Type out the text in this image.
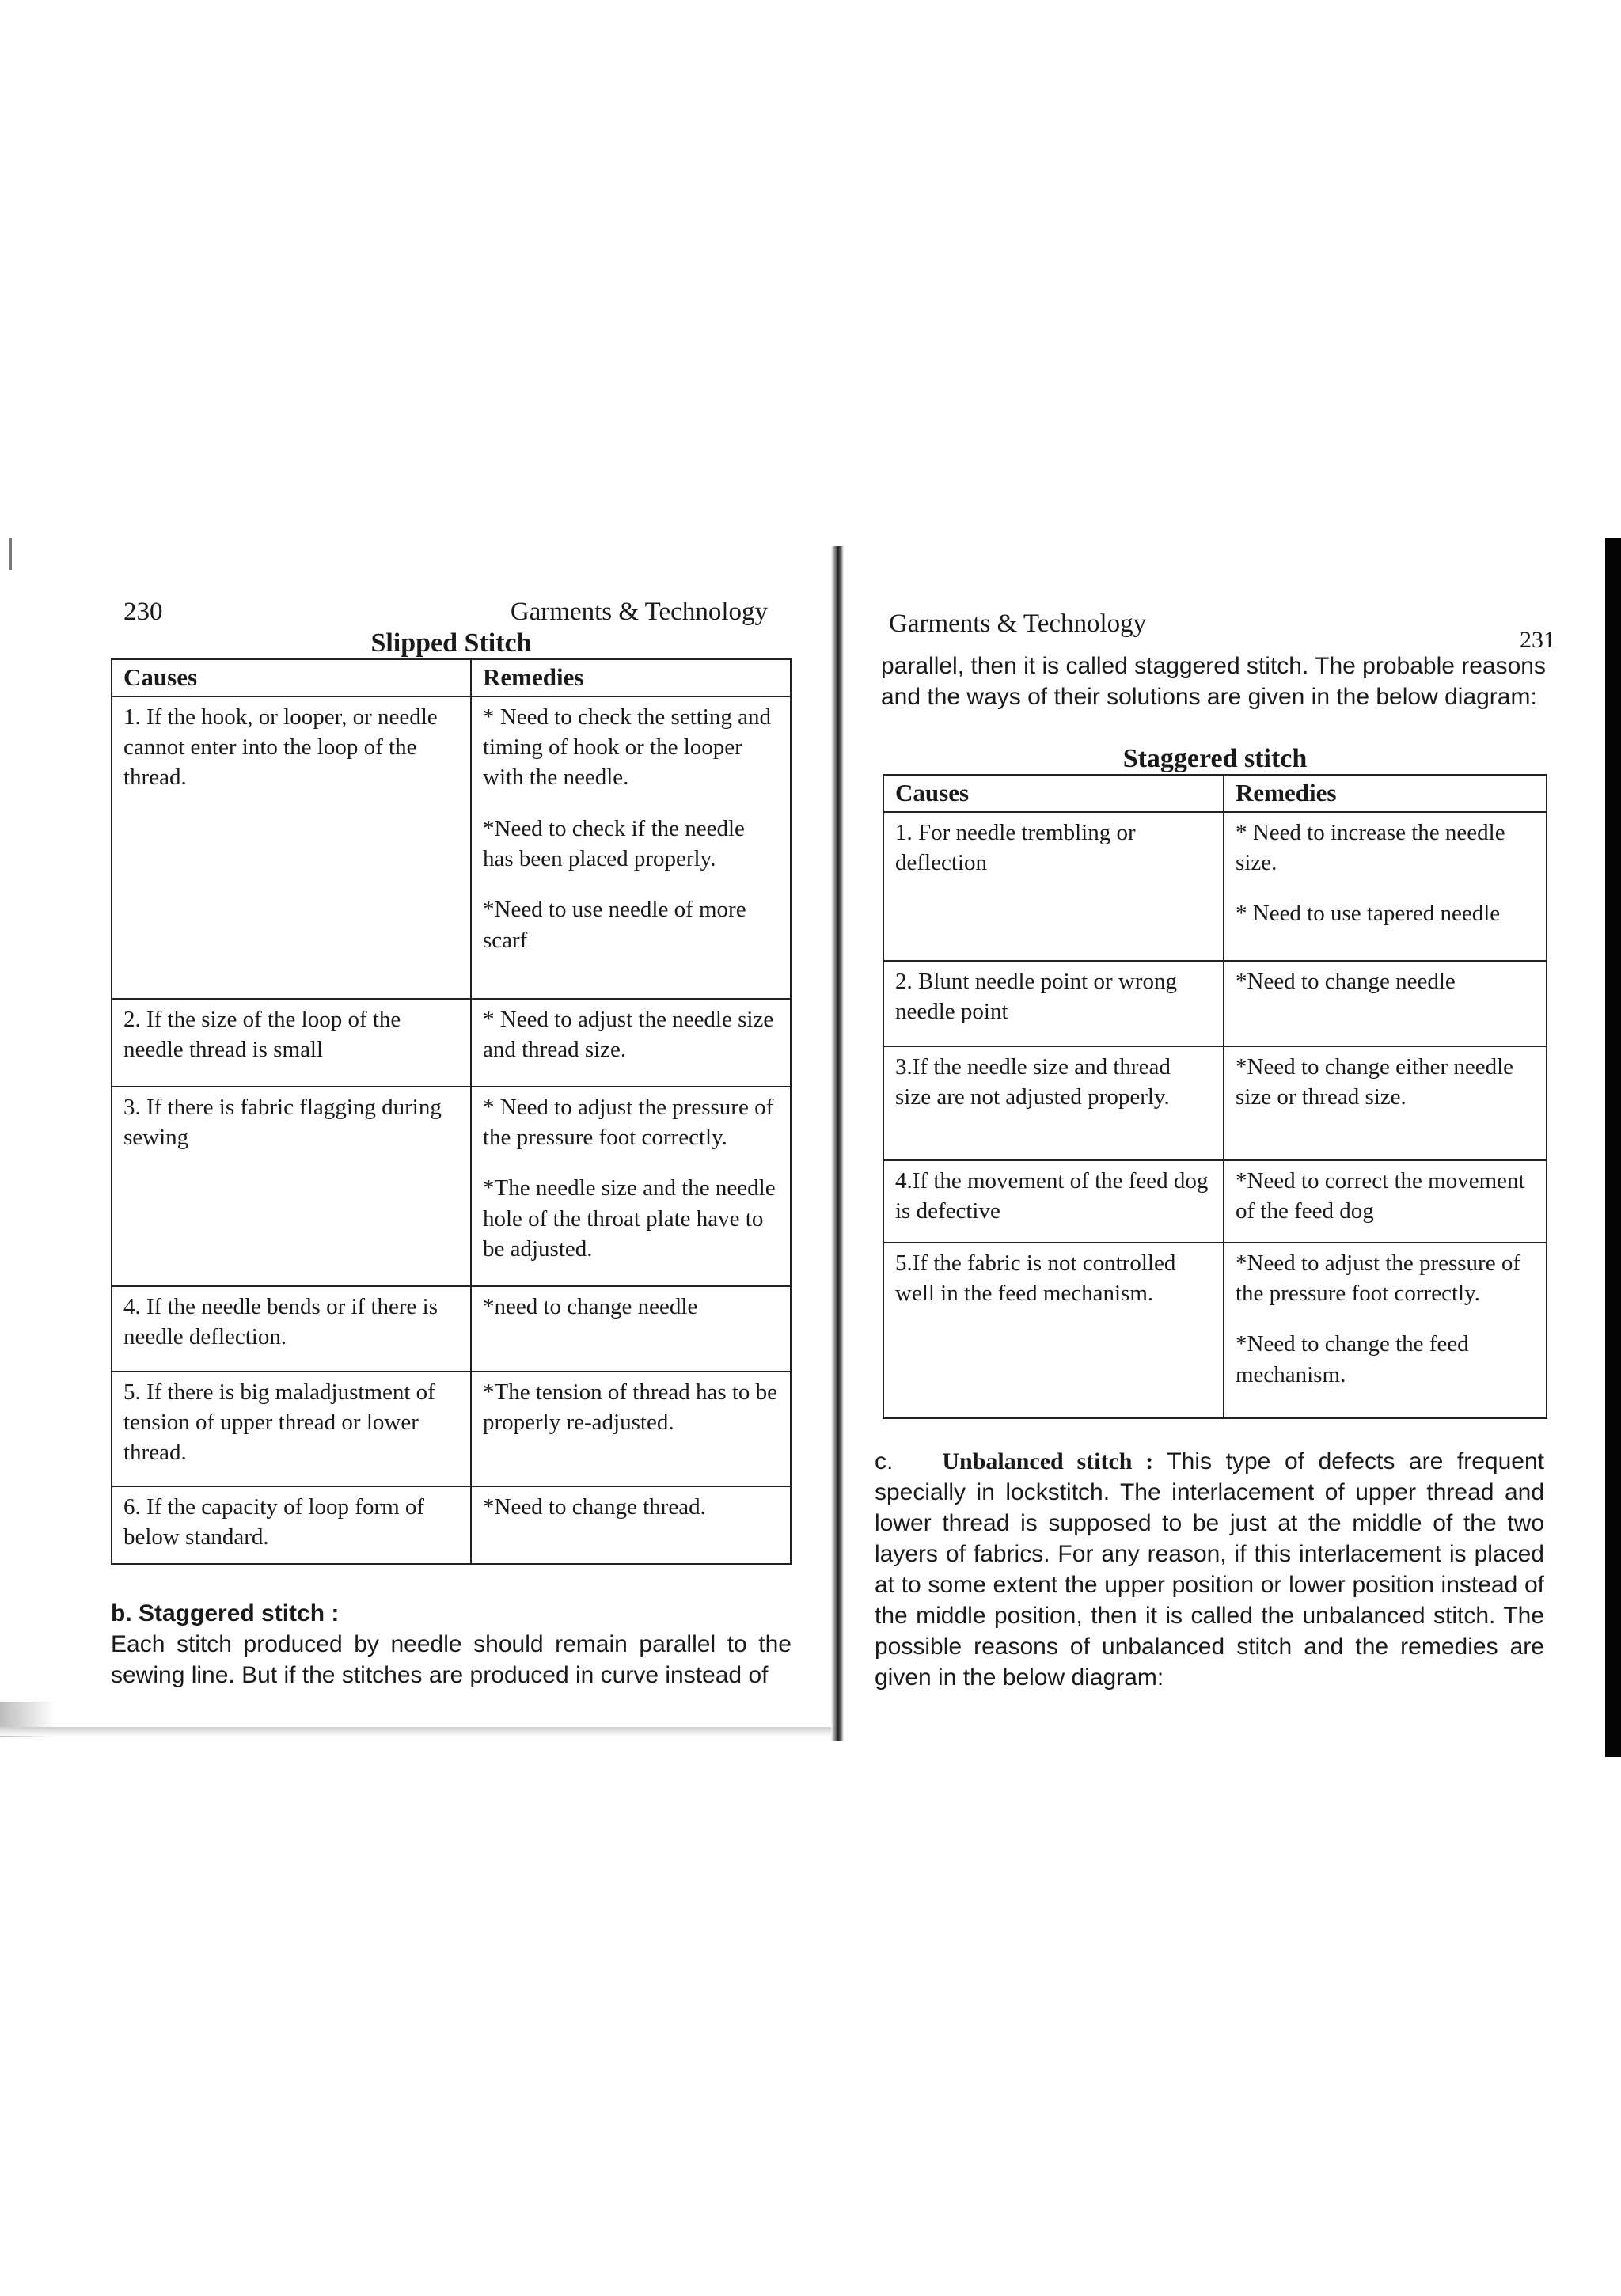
230	Garments & Technology
Slipped Stitch
Causes	Remedies
1. If the hook, or looper, or needle cannot enter into the loop of the thread.	* Need to check the setting and timing of hook or the looper with the needle.

*Need to check if the needle has been placed properly.

*Need to use needle of more scarf

2. If the size of the loop of the needle thread is small	* Need to adjust the needle size and thread size.

3. If there is fabric flagging during sewing	* Need to adjust the pressure of the pressure foot correctly.

*The needle size and the needle hole of the throat plate have to be adjusted.

4. If the needle bends or if there is needle deflection.	*need to change needle

5. If there is big maladjustment of tension of upper thread or lower thread.	*The tension of thread has to be properly re-adjusted.

6. If the capacity of loop form of below standard.	*Need to change thread.

b. Staggered stitch :

Each stitch produced by needle should remain parallel to the sewing line. But if the stitches are produced in curve instead of

Garments & Technology
231
parallel, then it is called staggered stitch. The probable reasons and the ways of their solutions are given in the below diagram:
Staggered stitch
Causes	Remedies
1. For needle trembling or deflection	* Need to increase the needle size.

* Need to use tapered needle

2. Blunt needle point or wrong needle point	*Need to change needle

3.If the needle size and thread size are not adjusted properly.	*Need to change either needle size or thread size.

4.If the movement of the feed dog is defective	*Need to correct the movement of the feed dog

5.If the fabric is not controlled well in the feed mechanism.	*Need to adjust the pressure of the pressure foot correctly.

*Need to change the feed mechanism.

c. Unbalanced stitch : This type of defects are frequent specially in lockstitch. The interlacement of upper thread and lower thread is supposed to be just at the middle of the two layers of fabrics. For any reason, if this interlacement is placed at to some extent the upper position or lower position instead of the middle position, then it is called the unbalanced stitch. The possible reasons of unbalanced stitch and the remedies are given in the below diagram:
